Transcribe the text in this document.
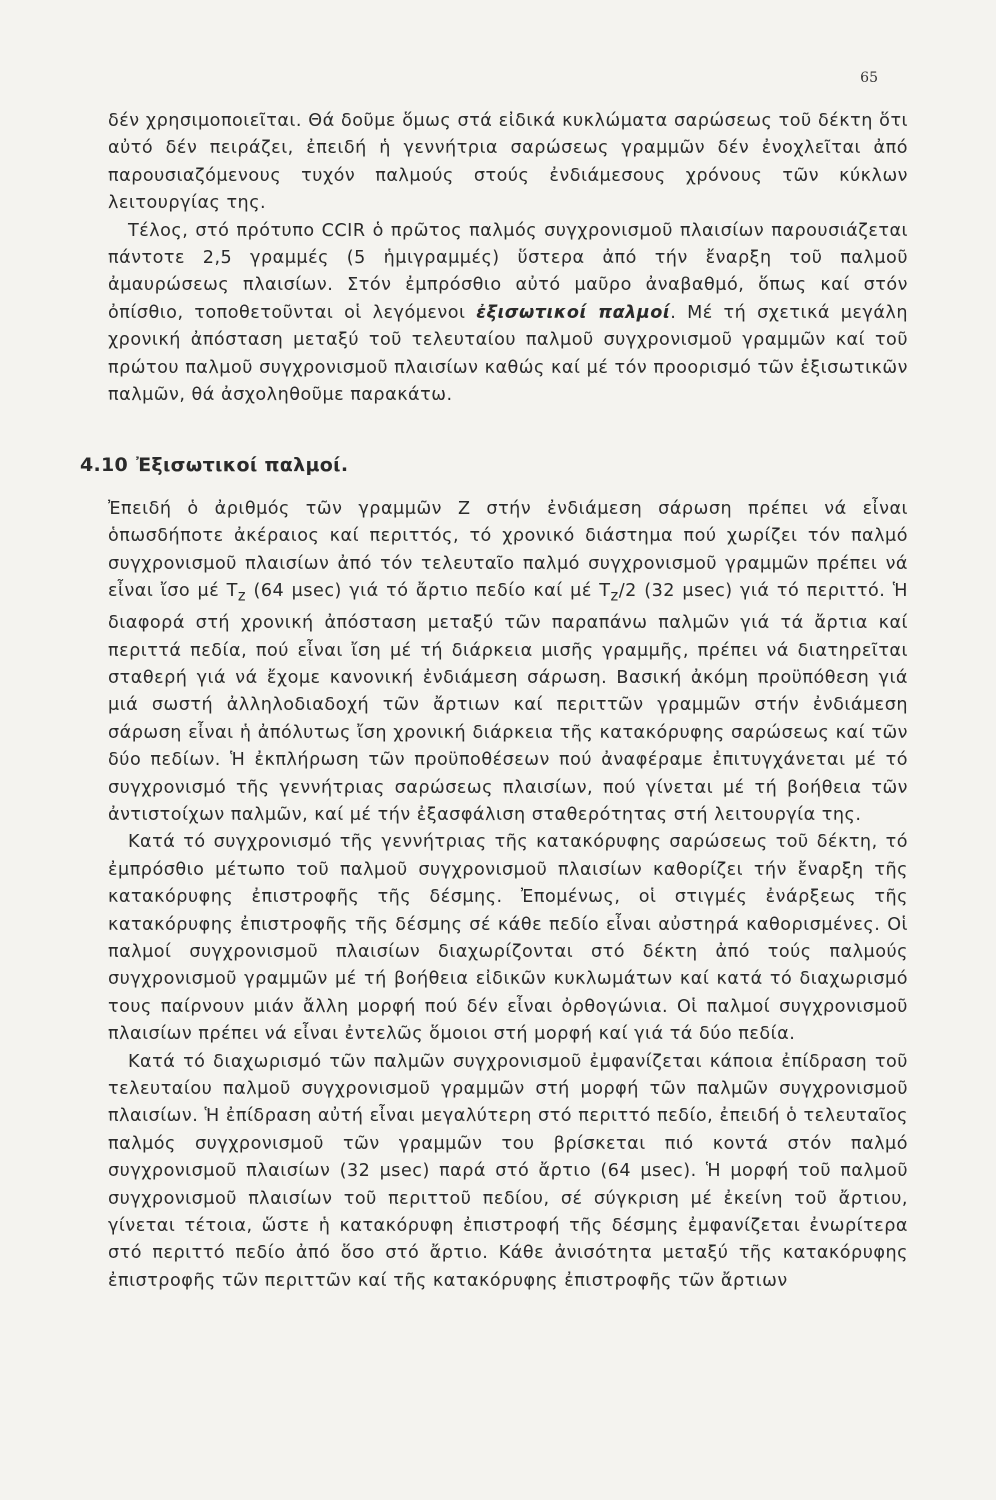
65

δέν χρησιμοποιεῖται. Θά δοῦμε ὅμως στά εἰδικά κυκλώματα σαρώσεως τοῦ δέκτη ὅτι αὐτό δέν πειράζει, ἐπειδή ἡ γεννήτρια σαρώσεως γραμμῶν δέν ἐνοχλεῖται ἀπό παρουσιαζόμενους τυχόν παλμούς στούς ἐνδιάμεσους χρόνους τῶν κύκλων λειτουργίας της.

Τέλος, στό πρότυπο CCIR ὁ πρῶτος παλμός συγχρονισμοῦ πλαισίων παρουσιάζεται πάντοτε 2,5 γραμμές (5 ἡμιγραμμές) ὕστερα ἀπό τήν ἔναρξη τοῦ παλμοῦ ἀμαυρώσεως πλαισίων. Στόν ἐμπρόσθιο αὐτό μαῦρο ἀναβαθμό, ὅπως καί στόν ὀπίσθιο, τοποθετοῦνται οἱ λεγόμενοι ἐξισωτικοί παλμοί. Μέ τή σχετικά μεγάλη χρονική ἀπόσταση μεταξύ τοῦ τελευταίου παλμοῦ συγχρονισμοῦ γραμμῶν καί τοῦ πρώτου παλμοῦ συγχρονισμοῦ πλαισίων καθώς καί μέ τόν προορισμό τῶν ἐξισωτικῶν παλμῶν, θά ἀσχοληθοῦμε παρακάτω.

4.10 Ἐξισωτικοί παλμοί.

Ἐπειδή ὁ ἀριθμός τῶν γραμμῶν Z στήν ἐνδιάμεση σάρωση πρέπει νά εἶναι ὁπωσδήποτε ἀκέραιος καί περιττός, τό χρονικό διάστημα πού χωρίζει τόν παλμό συγχρονισμοῦ πλαισίων ἀπό τόν τελευταῖο παλμό συγχρονισμοῦ γραμμῶν πρέπει νά εἶναι ἴσο μέ $T_z$ (64 μsec) γιά τό ἄρτιο πεδίο καί μέ $T_z/2$ (32 μsec) γιά τό περιττό. Ἡ διαφορά στή χρονική ἀπόσταση μεταξύ τῶν παραπάνω παλμῶν γιά τά ἄρτια καί περιττά πεδία, πού εἶναι ἴση μέ τή διάρκεια μισῆς γραμμῆς, πρέπει νά διατηρεῖται σταθερή γιά νά ἔχομε κανονική ἐνδιάμεση σάρωση. Βασική ἀκόμη προϋπόθεση γιά μιά σωστή ἀλληλοδιαδοχή τῶν ἄρτιων καί περιττῶν γραμμῶν στήν ἐνδιάμεση σάρωση εἶναι ἡ ἀπόλυτως ἴση χρονική διάρκεια τῆς κατακόρυφης σαρώσεως καί τῶν δύο πεδίων. Ἡ ἐκπλήρωση τῶν προϋποθέσεων πού ἀναφέραμε ἐπιτυγχάνεται μέ τό συγχρονισμό τῆς γεννήτριας σαρώσεως πλαισίων, πού γίνεται μέ τή βοήθεια τῶν ἀντιστοίχων παλμῶν, καί μέ τήν ἐξασφάλιση σταθερότητας στή λειτουργία της.

Κατά τό συγχρονισμό τῆς γεννήτριας τῆς κατακόρυφης σαρώσεως τοῦ δέκτη, τό ἐμπρόσθιο μέτωπο τοῦ παλμοῦ συγχρονισμοῦ πλαισίων καθορίζει τήν ἔναρξη τῆς κατακόρυφης ἐπιστροφῆς τῆς δέσμης. Ἐπομένως, οἱ στιγμές ἐνάρξεως τῆς κατακόρυφης ἐπιστροφῆς τῆς δέσμης σέ κάθε πεδίο εἶναι αὐστηρά καθορισμένες. Οἱ παλμοί συγχρονισμοῦ πλαισίων διαχωρίζονται στό δέκτη ἀπό τούς παλμούς συγχρονισμοῦ γραμμῶν μέ τή βοήθεια εἰδικῶν κυκλωμάτων καί κατά τό διαχωρισμό τους παίρνουν μιάν ἄλλη μορφή πού δέν εἶναι ὀρθογώνια. Οἱ παλμοί συγχρονισμοῦ πλαισίων πρέπει νά εἶναι ἐντελῶς ὅμοιοι στή μορφή καί γιά τά δύο πεδία.

Κατά τό διαχωρισμό τῶν παλμῶν συγχρονισμοῦ ἐμφανίζεται κάποια ἐπίδραση τοῦ τελευταίου παλμοῦ συγχρονισμοῦ γραμμῶν στή μορφή τῶν παλμῶν συγχρονισμοῦ πλαισίων. Ἡ ἐπίδραση αὐτή εἶναι μεγαλύτερη στό περιττό πεδίο, ἐπειδή ὁ τελευταῖος παλμός συγχρονισμοῦ τῶν γραμμῶν του βρίσκεται πιό κοντά στόν παλμό συγχρονισμοῦ πλαισίων (32 μsec) παρά στό ἄρτιο (64 μsec). Ἡ μορφή τοῦ παλμοῦ συγχρονισμοῦ πλαισίων τοῦ περιττοῦ πεδίου, σέ σύγκριση μέ ἐκείνη τοῦ ἄρτιου, γίνεται τέτοια, ὥστε ἡ κατακόρυφη ἐπιστροφή τῆς δέσμης ἐμφανίζεται ἐνωρίτερα στό περιττό πεδίο ἀπό ὅσο στό ἄρτιο. Κάθε ἀνισότητα μεταξύ τῆς κατακόρυφης ἐπιστροφῆς τῶν περιττῶν καί τῆς κατακόρυφης ἐπιστροφῆς τῶν ἄρτιων
